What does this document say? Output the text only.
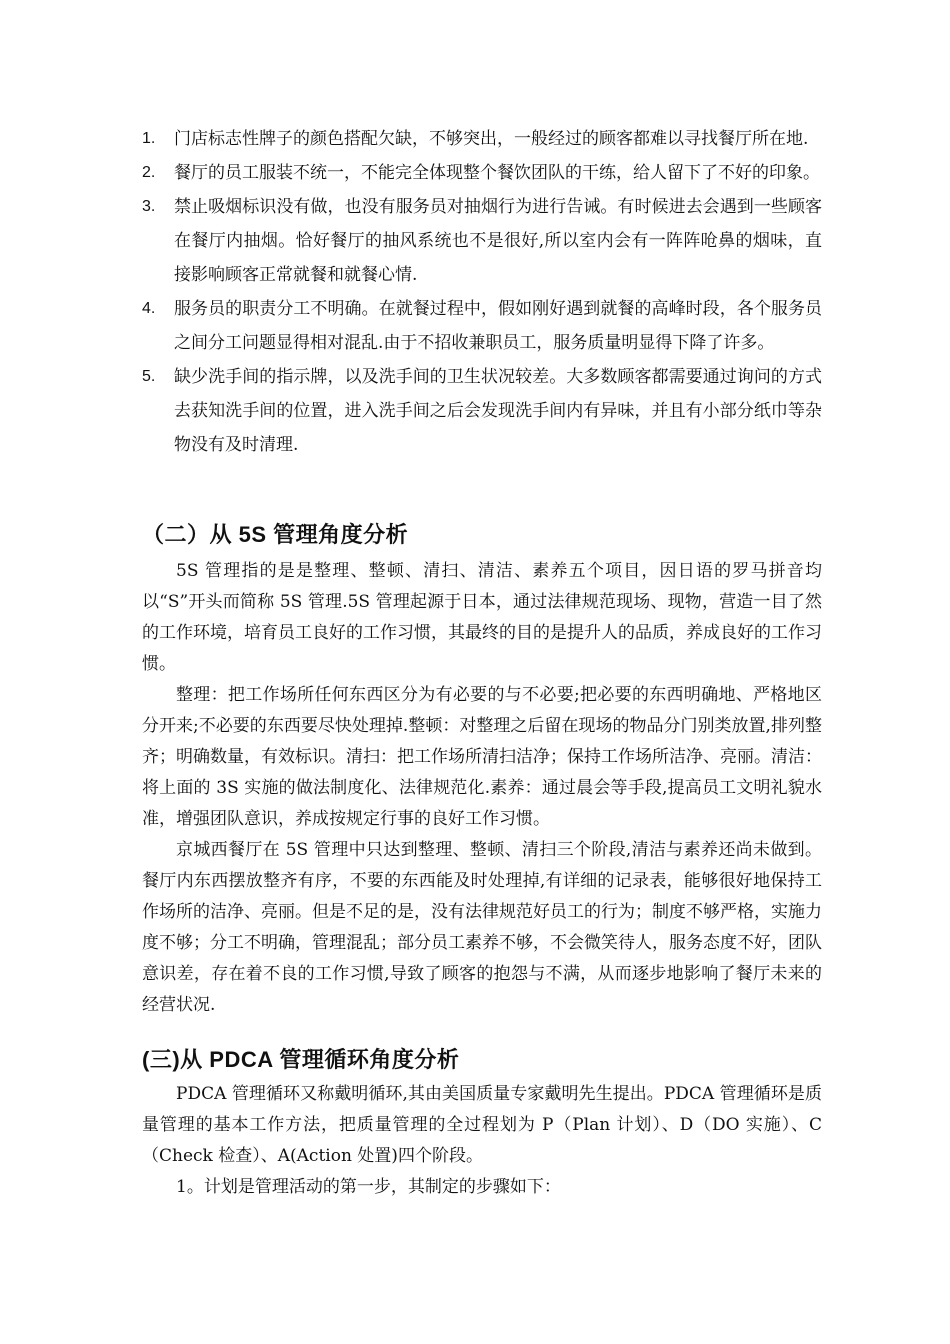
1. 门店标志性牌子的颜色搭配欠缺，不够突出，一般经过的顾客都难以寻找餐厅所在地.
2. 餐厅的员工服装不统一，不能完全体现整个餐饮团队的干练，给人留下了不好的印象。
3. 禁止吸烟标识没有做，也没有服务员对抽烟行为进行告诫。有时候进去会遇到一些顾客在餐厅内抽烟。恰好餐厅的抽风系统也不是很好,所以室内会有一阵阵呛鼻的烟味，直接影响顾客正常就餐和就餐心情.
4. 服务员的职责分工不明确。在就餐过程中，假如刚好遇到就餐的高峰时段，各个服务员之间分工问题显得相对混乱.由于不招收兼职员工，服务质量明显得下降了许多。
5. 缺少洗手间的指示牌，以及洗手间的卫生状况较差。大多数顾客都需要通过询问的方式去获知洗手间的位置，进入洗手间之后会发现洗手间内有异味，并且有小部分纸巾等杂物没有及时清理.
（二）从 5S 管理角度分析

5S 管理指的是是整理、整顿、清扫、清洁、素养五个项目，因日语的罗马拼音均以“S”开头而简称 5S 管理.5S 管理起源于日本，通过法律规范现场、现物，营造一目了然的工作环境，培育员工良好的工作习惯，其最终的目的是提升人的品质，养成良好的工作习惯。

整理：把工作场所任何东西区分为有必要的与不必要;把必要的东西明确地、严格地区分开来;不必要的东西要尽快处理掉.整顿：对整理之后留在现场的物品分门别类放置,排列整齐；明确数量，有效标识。清扫：把工作场所清扫洁净；保持工作场所洁净、亮丽。清洁：将上面的 3S 实施的做法制度化、法律规范化.素养：通过晨会等手段,提高员工文明礼貌水准，增强团队意识，养成按规定行事的良好工作习惯。

京城西餐厅在 5S 管理中只达到整理、整顿、清扫三个阶段,清洁与素养还尚未做到。餐厅内东西摆放整齐有序，不要的东西能及时处理掉,有详细的记录表，能够很好地保持工作场所的洁净、亮丽。但是不足的是，没有法律规范好员工的行为；制度不够严格，实施力度不够；分工不明确，管理混乱；部分员工素养不够，不会微笑待人，服务态度不好，团队意识差，存在着不良的工作习惯,导致了顾客的抱怨与不满，从而逐步地影响了餐厅未来的经营状况.

(三)从 PDCA 管理循环角度分析

PDCA 管理循环又称戴明循环,其由美国质量专家戴明先生提出。PDCA 管理循环是质量管理的基本工作方法，把质量管理的全过程划为 P（Plan 计划）、D（DO 实施）、C（Check 检查）、A(Action 处置)四个阶段。

1。计划是管理活动的第一步，其制定的步骤如下：
